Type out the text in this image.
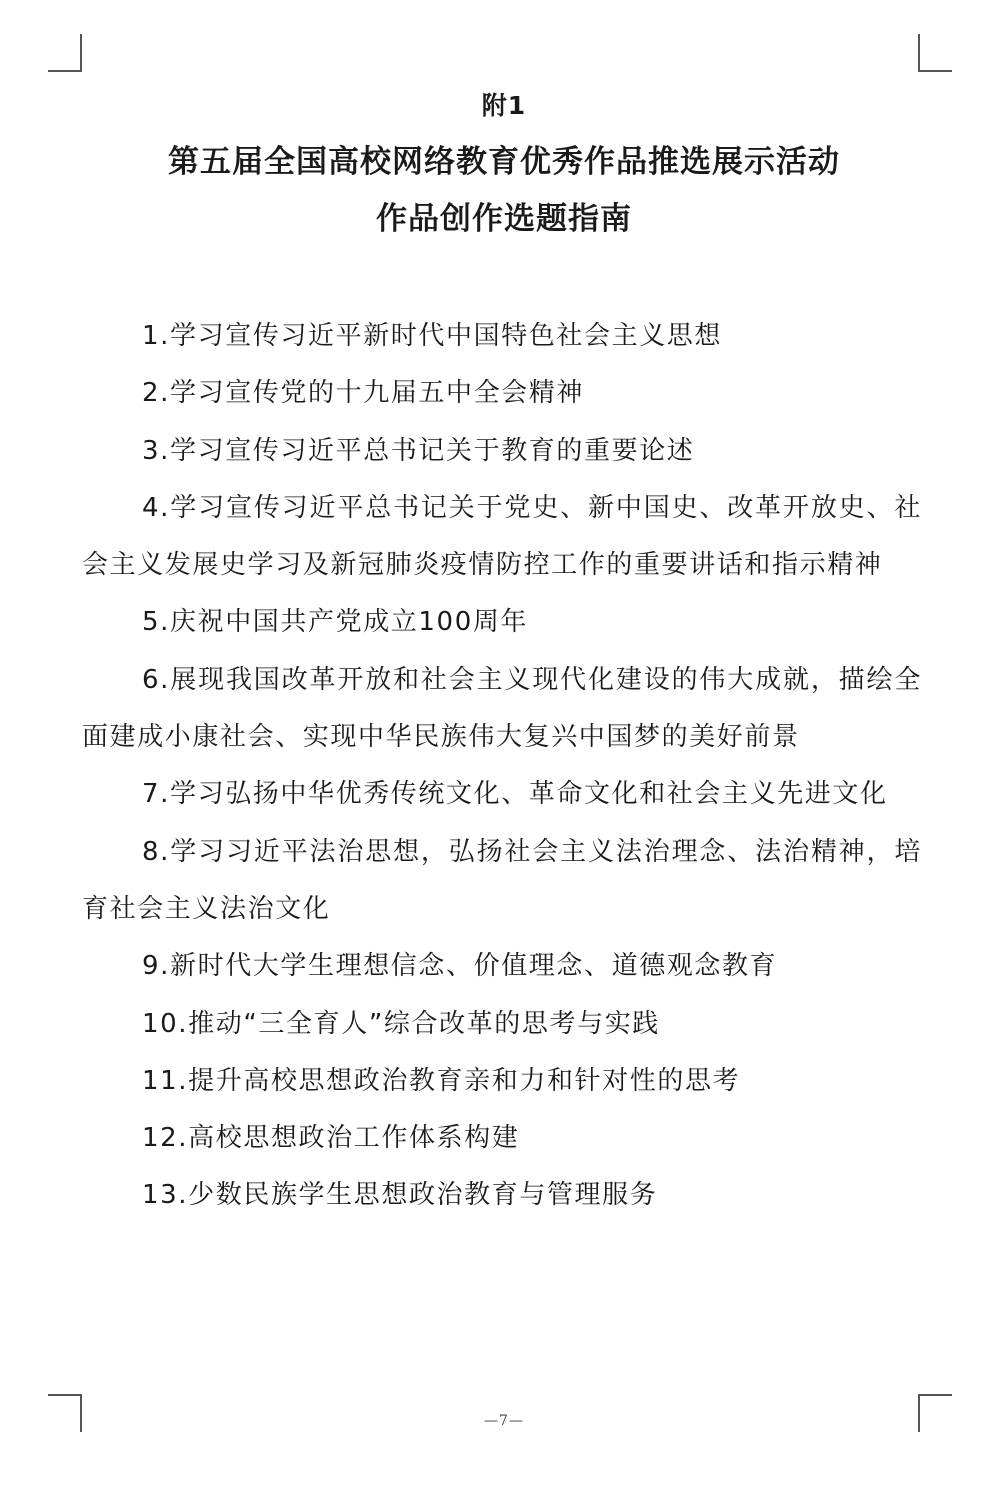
附1
第五届全国高校网络教育优秀作品推选展示活动
作品创作选题指南

1.学习宣传习近平新时代中国特色社会主义思想

2.学习宣传党的十九届五中全会精神

3.学习宣传习近平总书记关于教育的重要论述

4.学习宣传习近平总书记关于党史、新中国史、改革开放史、社会主义发展史学习及新冠肺炎疫情防控工作的重要讲话和指示精神

5.庆祝中国共产党成立100周年

6.展现我国改革开放和社会主义现代化建设的伟大成就，描绘全面建成小康社会、实现中华民族伟大复兴中国梦的美好前景

7.学习弘扬中华优秀传统文化、革命文化和社会主义先进文化

8.学习习近平法治思想，弘扬社会主义法治理念、法治精神，培育社会主义法治文化

9.新时代大学生理想信念、价值理念、道德观念教育

10.推动“三全育人”综合改革的思考与实践

11.提升高校思想政治教育亲和力和针对性的思考

12.高校思想政治工作体系构建

13.少数民族学生思想政治教育与管理服务

—7—
